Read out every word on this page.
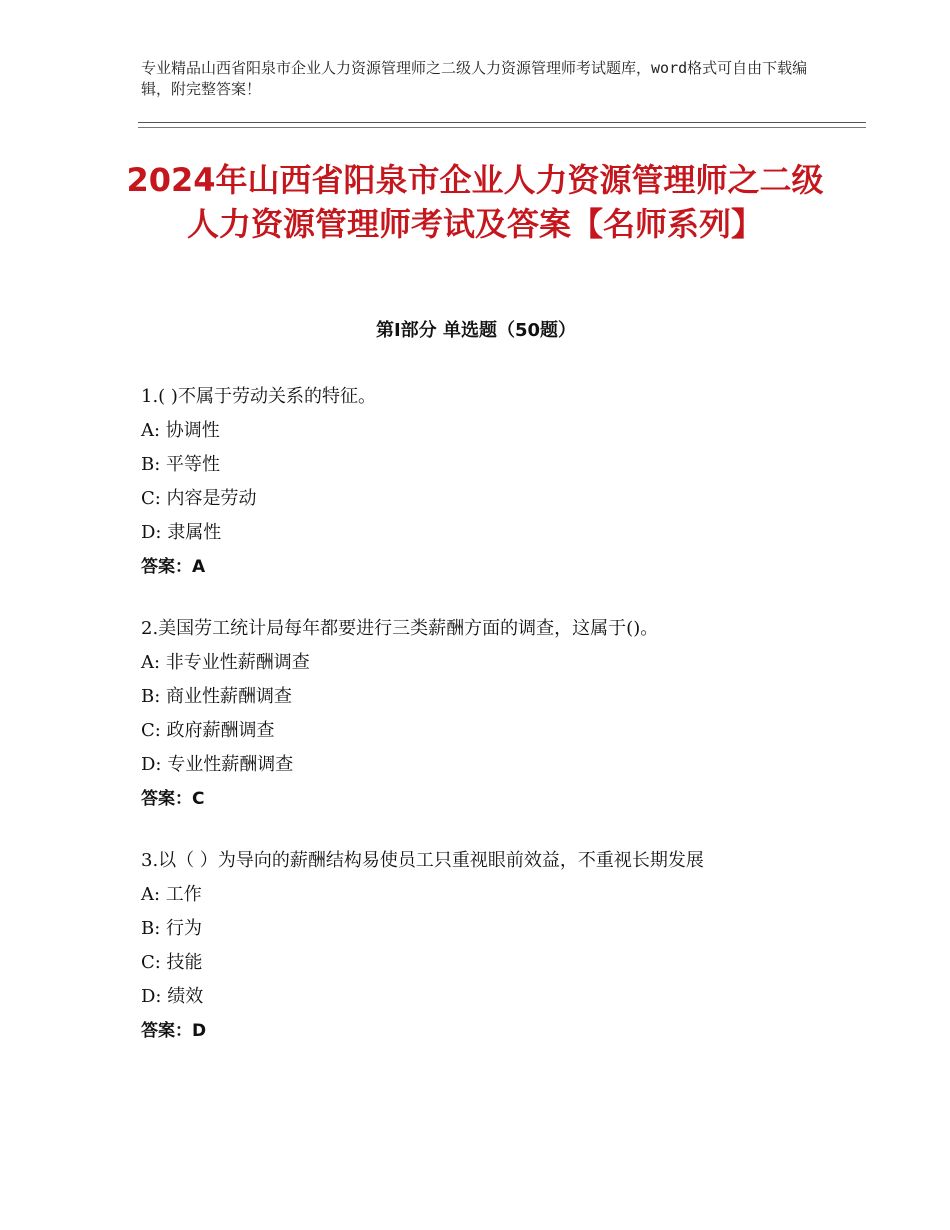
专业精品山西省阳泉市企业人力资源管理师之二级人力资源管理师考试题库，word格式可自由下载编辑，附完整答案！
2024年山西省阳泉市企业人力资源管理师之二级人力资源管理师考试及答案【名师系列】
第Ⅰ部分 单选题（50题）
1.( )不属于劳动关系的特征。
A: 协调性
B: 平等性
C: 内容是劳动
D: 隶属性
答案：A
2.美国劳工统计局每年都要进行三类薪酬方面的调查，这属于()。
A: 非专业性薪酬调查
B: 商业性薪酬调查
C: 政府薪酬调查
D: 专业性薪酬调查
答案：C
3.以（ ）为导向的薪酬结构易使员工只重视眼前效益，不重视长期发展
A: 工作
B: 行为
C: 技能
D: 绩效
答案：D
